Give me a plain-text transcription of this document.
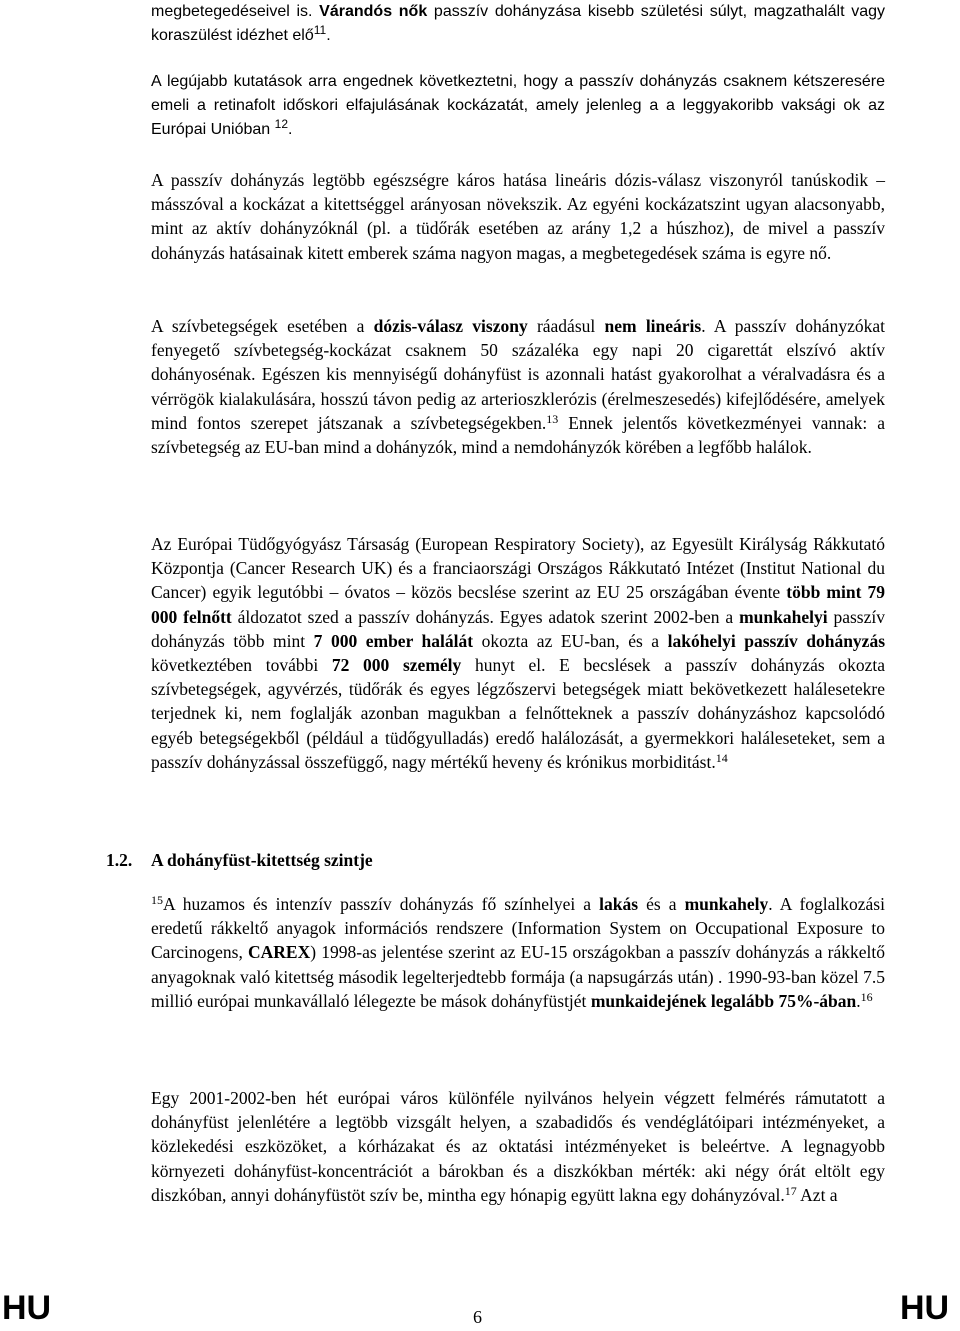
megbetegedéseivel is. Várandós nők passzív dohányzása kisebb születési súlyt, magzathalált vagy koraszülést idézhet elő$^{11}$.

A legújabb kutatások arra engednek következtetni, hogy a passzív dohányzás csaknem kétszeresére emeli a retinafolt időskori elfajulásának kockázatát, amely jelenleg a a leggyakoribb vaksági ok az Európai Unióban $^{12}$.

A passzív dohányzás legtöbb egészségre káros hatása lineáris dózis-válasz viszonyról tanúskodik – másszóval a kockázat a kitettséggel arányosan növekszik. Az egyéni kockázatszint ugyan alacsonyabb, mint az aktív dohányzóknál (pl. a tüdőrák esetében az arány 1,2 a húszhoz), de mivel a passzív dohányzás hatásainak kitett emberek száma nagyon magas, a megbetegedések száma is egyre nő.

A szívbetegségek esetében a dózis-válasz viszony ráadásul nem lineáris. A passzív dohányzókat fenyegető szívbetegség-kockázat csaknem 50 százaléka egy napi 20 cigarettát elszívó aktív dohányosénak. Egészen kis mennyiségű dohányfüst is azonnali hatást gyakorolhat a véralvadásra és a vérrögök kialakulására, hosszú távon pedig az arterioszklerózis (érelmeszesedés) kifejlődésére, amelyek mind fontos szerepet játszanak a szívbetegségekben.$^{13}$ Ennek jelentős következményei vannak: a szívbetegség az EU-ban mind a dohányzók, mind a nemdohányzók körében a legfőbb halálok.

Az Európai Tüdőgyógyász Társaság (European Respiratory Society), az Egyesült Királyság Rákkutató Központja (Cancer Research UK) és a franciaországi Országos Rákkutató Intézet (Institut National du Cancer) egyik legutóbbi – óvatos – közös becslése szerint az EU 25 országában évente több mint 79 000 felnőtt áldozatot szed a passzív dohányzás. Egyes adatok szerint 2002-ben a munkahelyi passzív dohányzás több mint 7 000 ember halálát okozta az EU-ban, és a lakóhelyi passzív dohányzás következtében további 72 000 személy hunyt el. E becslések a passzív dohányzás okozta szívbetegségek, agyvérzés, tüdőrák és egyes légzőszervi betegségek miatt bekövetkezett halálesetekre terjednek ki, nem foglalják azonban magukban a felnőtteknek a passzív dohányzáshoz kapcsolódó egyéb betegségekből (például a tüdőgyulladás) eredő halálozását, a gyermekkori haláleseteket, sem a passzív dohányzással összefüggő, nagy mértékű heveny és krónikus morbiditást.$^{14}$

1.2. A dohányfüst-kitettség szintje

$^{15}$A huzamos és intenzív passzív dohányzás fő színhelyei a lakás és a munkahely. A foglalkozási eredetű rákkeltő anyagok információs rendszere (Information System on Occupational Exposure to Carcinogens, CAREX) 1998-as jelentése szerint az EU-15 országokban a passzív dohányzás a rákkeltő anyagoknak való kitettség második legelterjedtebb formája (a napsugárzás után) . 1990-93-ban közel 7.5 millió európai munkavállaló lélegezte be mások dohányfüstjét munkaidejének legalább 75%-ában.$^{16}$

Egy 2001-2002-ben hét európai város különféle nyilvános helyein végzett felmérés rámutatott a dohányfüst jelenlétére a legtöbb vizsgált helyen, a szabadidős és vendéglátóipari intézményeket, a közlekedési eszközöket, a kórházakat és az oktatási intézményeket is beleértve. A legnagyobb környezeti dohányfüst-koncentrációt a bárokban és a diszkókban mérték: aki négy órát eltölt egy diszkóban, annyi dohányfüstöt szív be, mintha egy hónapig együtt lakna egy dohányzóval.$^{17}$ Azt a

HU	6	HU
